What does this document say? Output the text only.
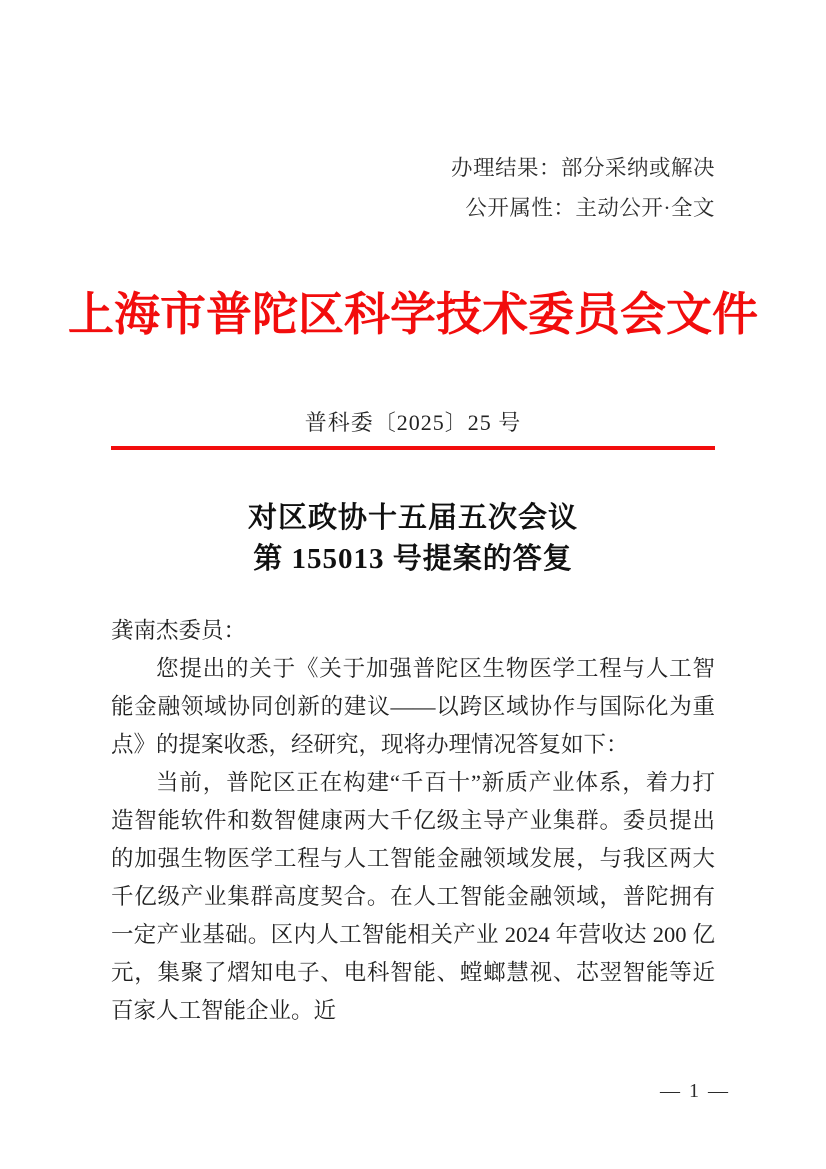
办理结果：部分采纳或解决
公开属性：主动公开·全文
上海市普陀区科学技术委员会文件
普科委〔2025〕25 号
对区政协十五届五次会议
第 155013 号提案的答复

龚南杰委员：

您提出的关于《关于加强普陀区生物医学工程与人工智能金融领域协同创新的建议——以跨区域协作与国际化为重点》的提案收悉，经研究，现将办理情况答复如下：

当前，普陀区正在构建“千百十”新质产业体系，着力打造智能软件和数智健康两大千亿级主导产业集群。委员提出的加强生物医学工程与人工智能金融领域发展，与我区两大千亿级产业集群高度契合。在人工智能金融领域，普陀拥有一定产业基础。区内人工智能相关产业 2024 年营收达 200 亿元，集聚了熠知电子、电科智能、螳螂慧视、芯翌智能等近百家人工智能企业。近

— 1 —
